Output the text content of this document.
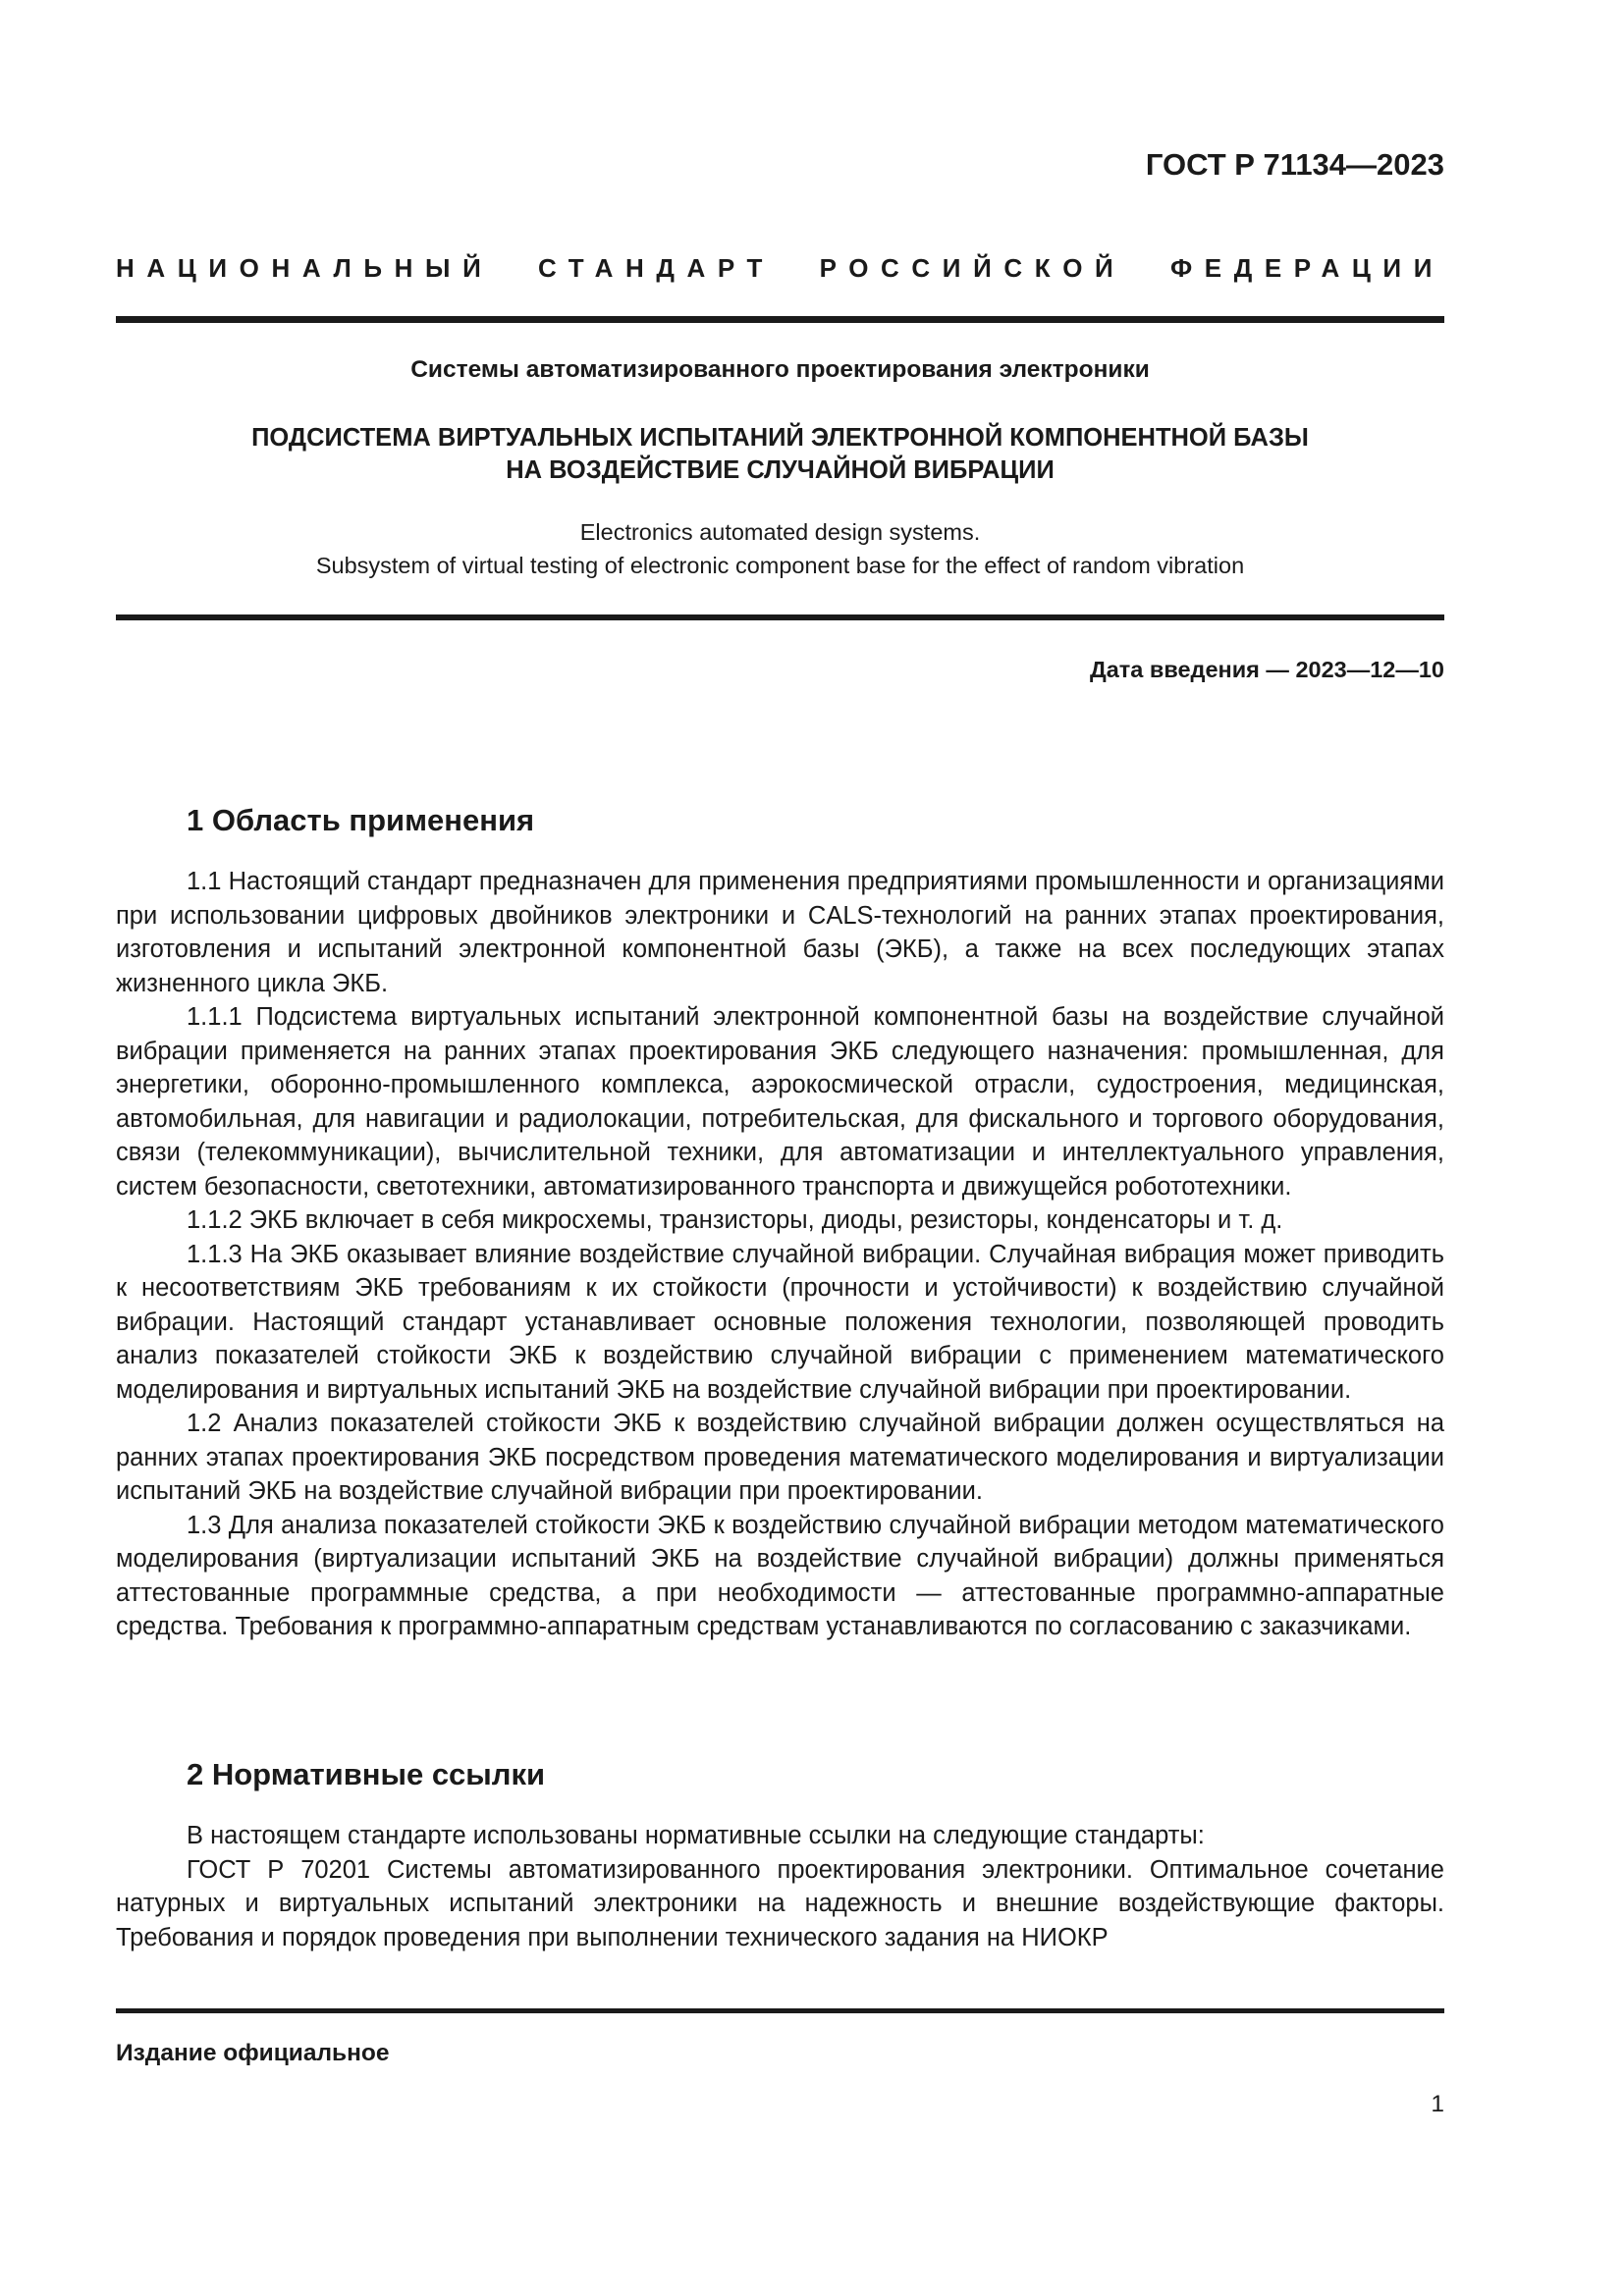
ГОСТ Р 71134—2023
НАЦИОНАЛЬНЫЙ СТАНДАРТ РОССИЙСКОЙ ФЕДЕРАЦИИ
Системы автоматизированного проектирования электроники
ПОДСИСТЕМА ВИРТУАЛЬНЫХ ИСПЫТАНИЙ ЭЛЕКТРОННОЙ КОМПОНЕНТНОЙ БАЗЫ
НА ВОЗДЕЙСТВИЕ СЛУЧАЙНОЙ ВИБРАЦИИ
Electronics automated design systems.
Subsystem of virtual testing of electronic component base for the effect of random vibration
Дата введения — 2023—12—10
1 Область применения

1.1 Настоящий стандарт предназначен для применения предприятиями промышленности и организациями при использовании цифровых двойников электроники и CALS-технологий на ранних этапах проектирования, изготовления и испытаний электронной компонентной базы (ЭКБ), а также на всех последующих этапах жизненного цикла ЭКБ.

1.1.1 Подсистема виртуальных испытаний электронной компонентной базы на воздействие случайной вибрации применяется на ранних этапах проектирования ЭКБ следующего назначения: промышленная, для энергетики, оборонно-промышленного комплекса, аэрокосмической отрасли, судостроения, медицинская, автомобильная, для навигации и радиолокации, потребительская, для фискального и торгового оборудования, связи (телекоммуникации), вычислительной техники, для автоматизации и интеллектуального управления, систем безопасности, светотехники, автоматизированного транспорта и движущейся робототехники.

1.1.2 ЭКБ включает в себя микросхемы, транзисторы, диоды, резисторы, конденсаторы и т. д.

1.1.3 На ЭКБ оказывает влияние воздействие случайной вибрации. Случайная вибрация может приводить к несоответствиям ЭКБ требованиям к их стойкости (прочности и устойчивости) к воздействию случайной вибрации. Настоящий стандарт устанавливает основные положения технологии, позволяющей проводить анализ показателей стойкости ЭКБ к воздействию случайной вибрации с применением математического моделирования и виртуальных испытаний ЭКБ на воздействие случайной вибрации при проектировании.

1.2 Анализ показателей стойкости ЭКБ к воздействию случайной вибрации должен осуществляться на ранних этапах проектирования ЭКБ посредством проведения математического моделирования и виртуализации испытаний ЭКБ на воздействие случайной вибрации при проектировании.

1.3 Для анализа показателей стойкости ЭКБ к воздействию случайной вибрации методом математического моделирования (виртуализации испытаний ЭКБ на воздействие случайной вибрации) должны применяться аттестованные программные средства, а при необходимости — аттестованные программно-аппаратные средства. Требования к программно-аппаратным средствам устанавливаются по согласованию с заказчиками.

2 Нормативные ссылки

В настоящем стандарте использованы нормативные ссылки на следующие стандарты:

ГОСТ Р 70201 Системы автоматизированного проектирования электроники. Оптимальное сочетание натурных и виртуальных испытаний электроники на надежность и внешние воздействующие факторы. Требования и порядок проведения при выполнении технического задания на НИОКР

Издание официальное
1
